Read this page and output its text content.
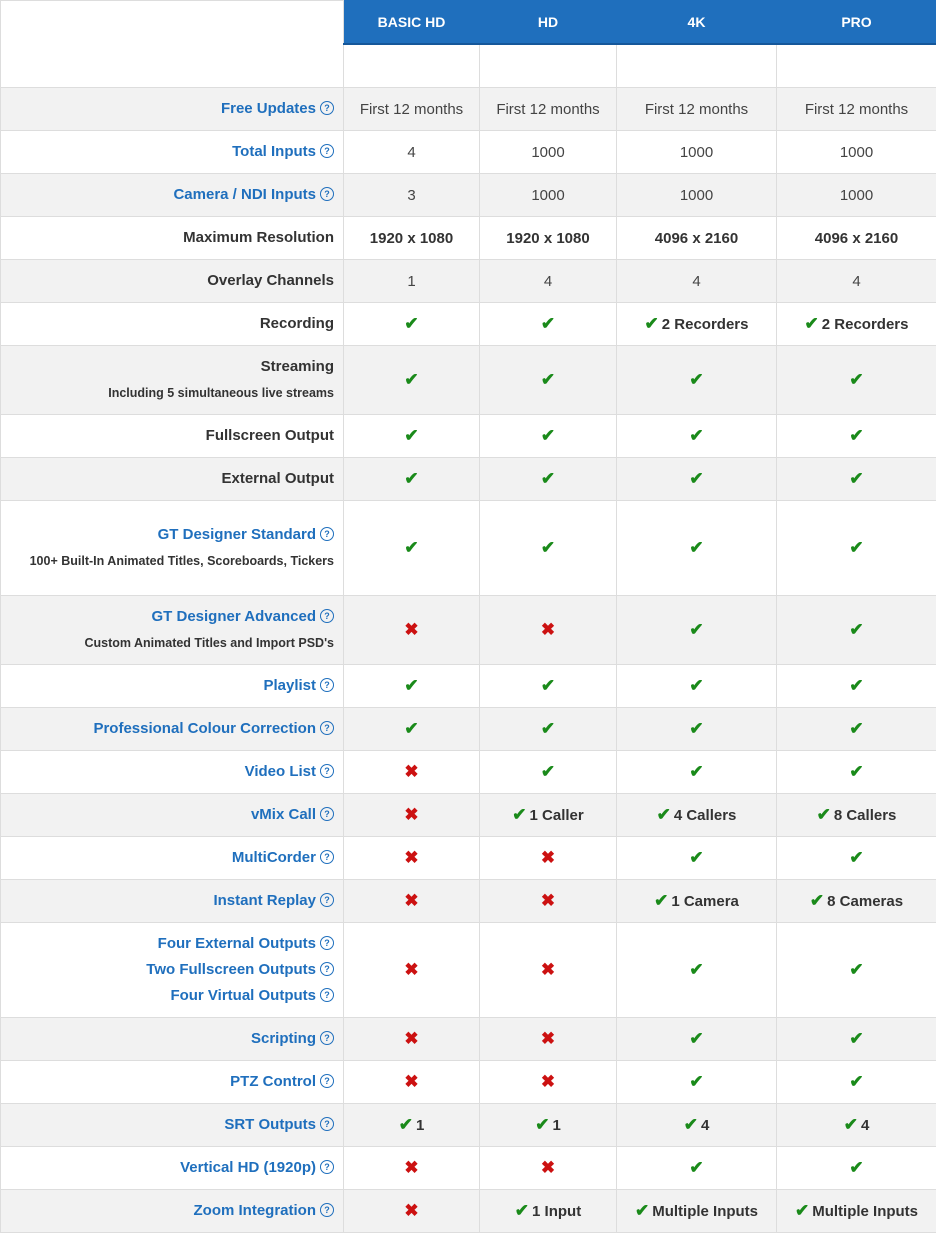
	BASIC HD	HD	4K	PRO

Free Updates ?	First 12 months	First 12 months	First 12 months	First 12 months

Total Inputs ?	4	1000	1000	1000

Camera / NDI Inputs ?	3	1000	1000	1000

Maximum Resolution	1920 x 1080	1920 x 1080	4096 x 2160	4096 x 2160

Overlay Channels	1	4	4	4

Recording	✔	✔	✔ 2 Recorders	✔ 2 Recorders

Streaming
Including 5 simultaneous live streams	✔	✔	✔	✔

Fullscreen Output	✔	✔	✔	✔

External Output	✔	✔	✔	✔

GT Designer Standard ?
100+ Built-In Animated Titles, Scoreboards, Tickers	✔	✔	✔	✔

GT Designer Advanced ?
Custom Animated Titles and Import PSD's	✖	✖	✔	✔

Playlist ?	✔	✔	✔	✔

Professional Colour Correction ?	✔	✔	✔	✔

Video List ?	✖	✔	✔	✔

vMix Call ?	✖	✔ 1 Caller	✔ 4 Callers	✔ 8 Callers

MultiCorder ?	✖	✖	✔	✔

Instant Replay ?	✖	✖	✔ 1 Camera	✔ 8 Cameras

Four External Outputs ?
Two Fullscreen Outputs ?
Four Virtual Outputs ?	✖	✖	✔	✔

Scripting ?	✖	✖	✔	✔

PTZ Control ?	✖	✖	✔	✔

SRT Outputs ?	✔ 1	✔ 1	✔ 4	✔ 4

Vertical HD (1920p) ?	✖	✖	✔	✔

Zoom Integration ?	✖	✔ 1 Input	✔ Multiple Inputs	✔ Multiple Inputs
